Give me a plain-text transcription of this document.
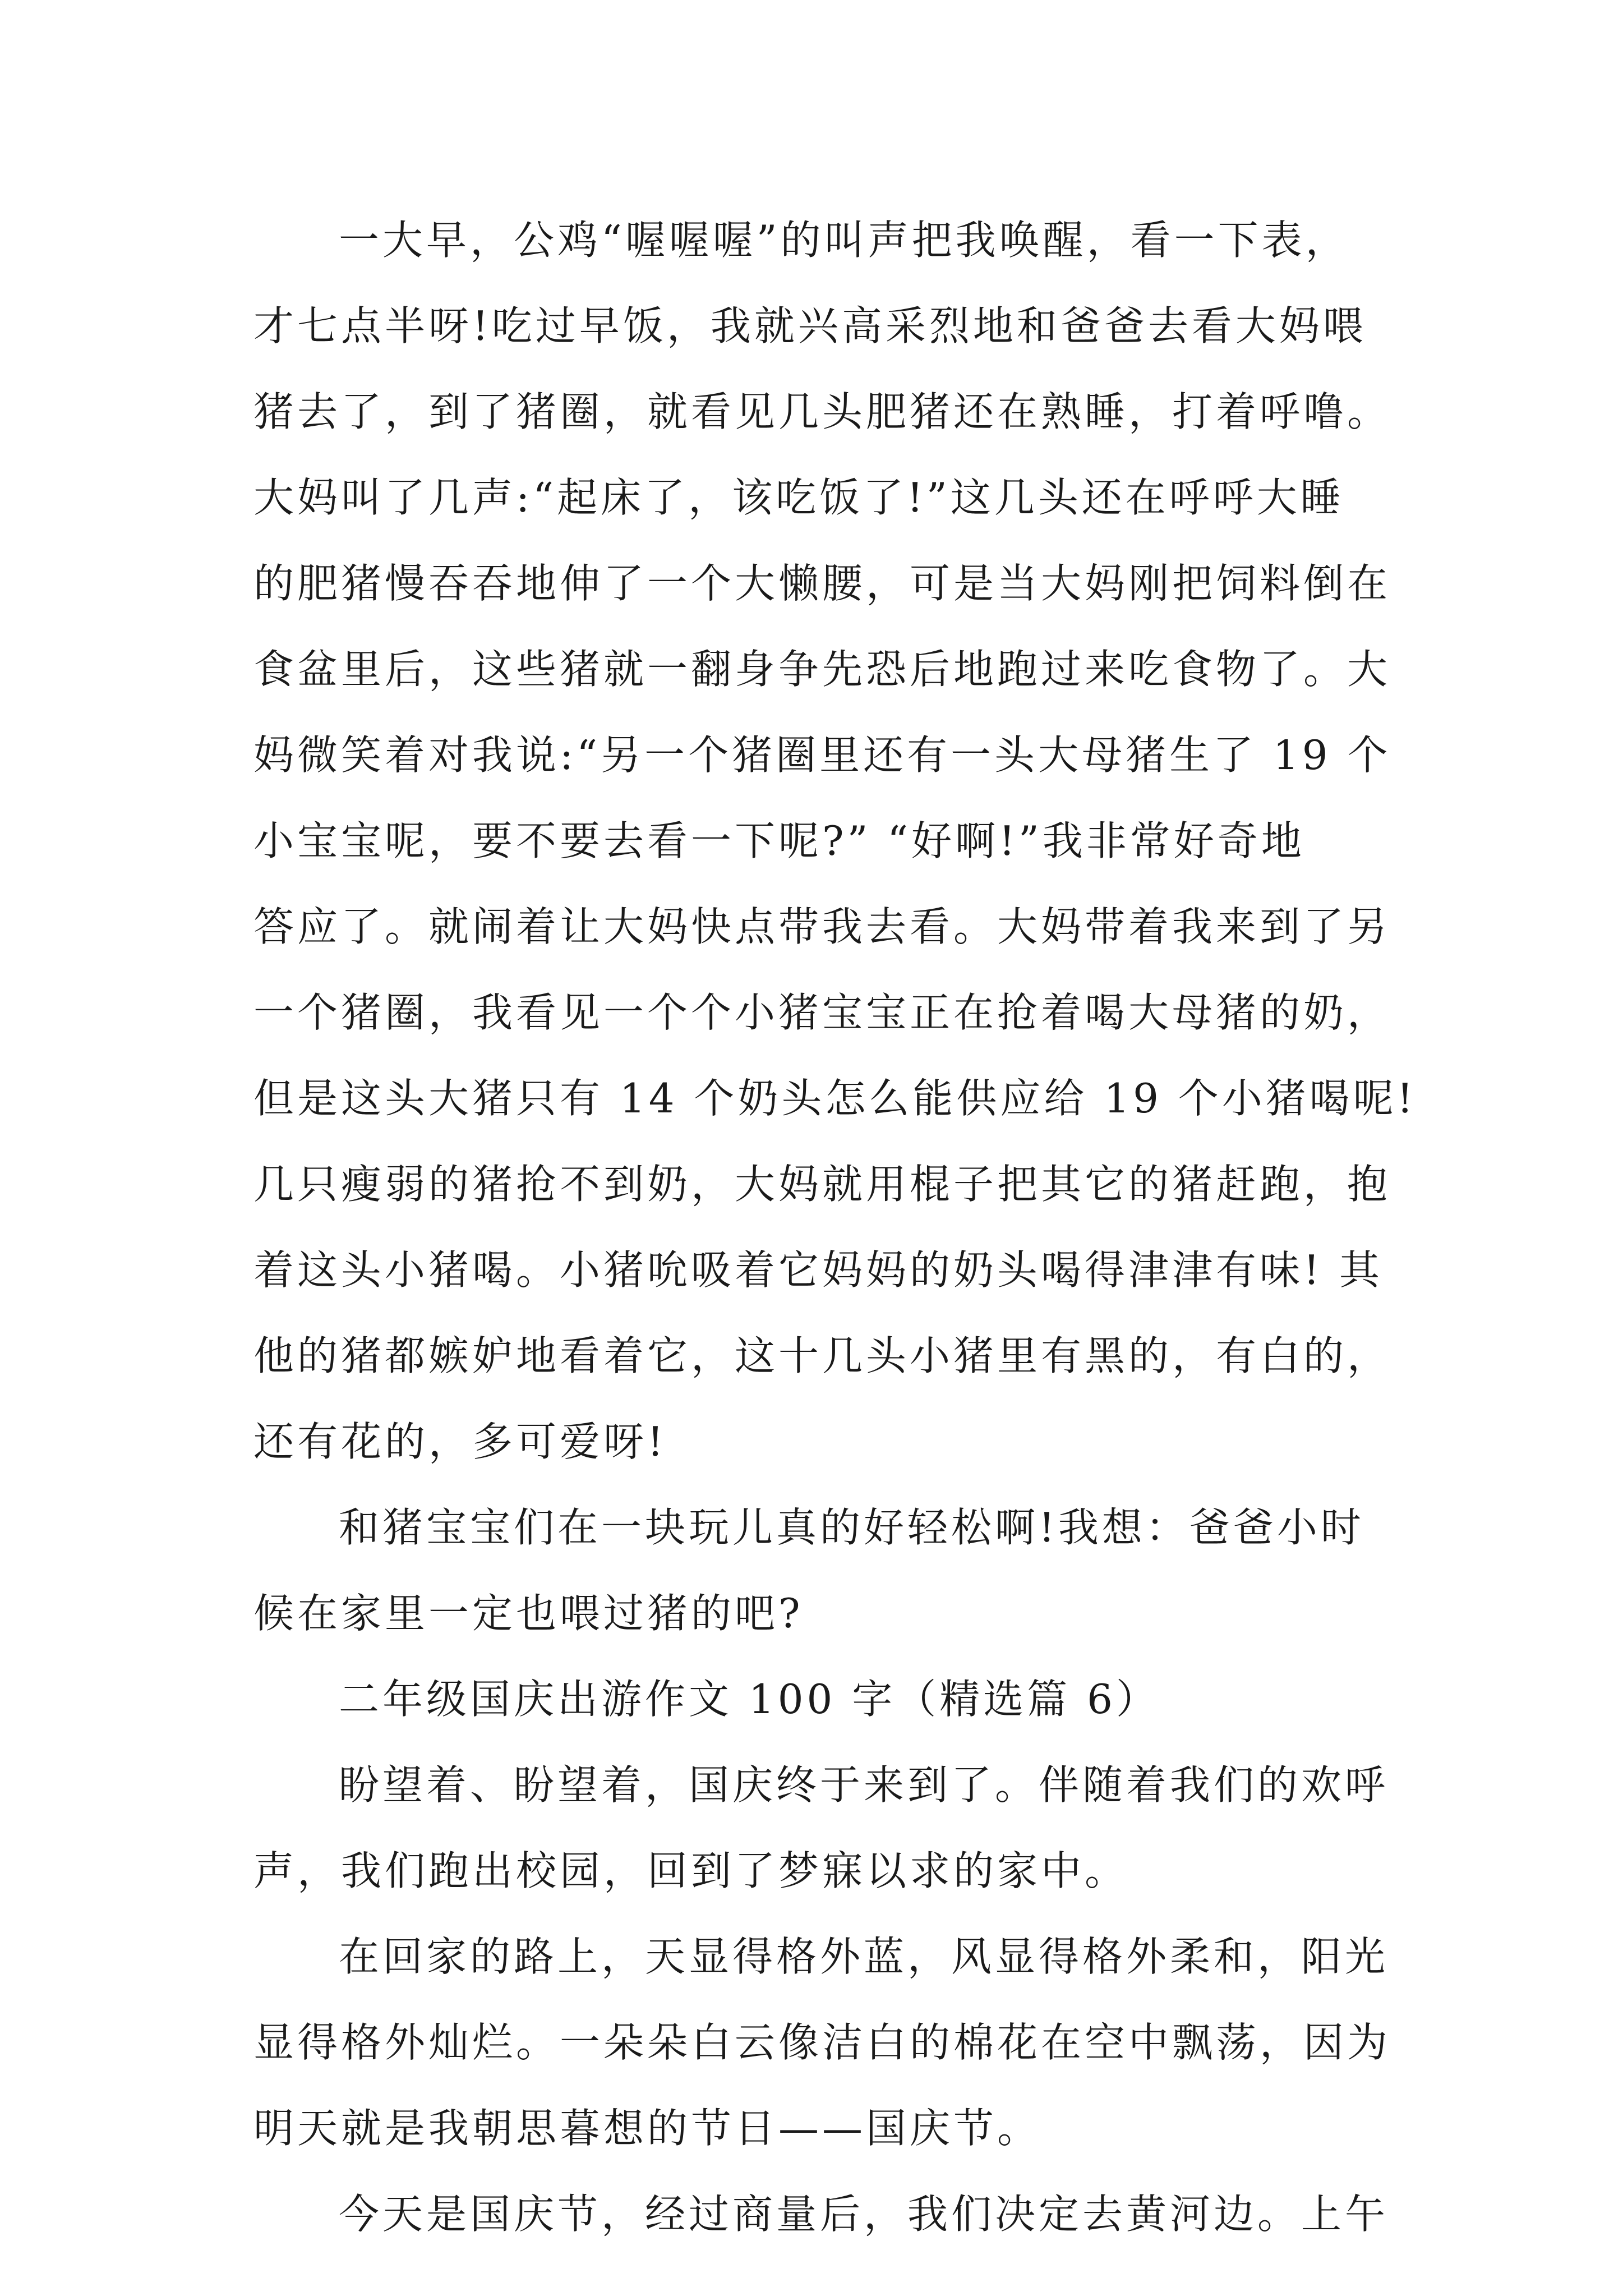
一大早，公鸡“喔喔喔”的叫声把我唤醒，看一下表，
才七点半呀!吃过早饭，我就兴高采烈地和爸爸去看大妈喂
猪去了，到了猪圈，就看见几头肥猪还在熟睡，打着呼噜。
大妈叫了几声:“起床了，该吃饭了!”这几头还在呼呼大睡
的肥猪慢吞吞地伸了一个大懒腰，可是当大妈刚把饲料倒在
食盆里后，这些猪就一翻身争先恐后地跑过来吃食物了。大
妈微笑着对我说:“另一个猪圈里还有一头大母猪生了 19 个
小宝宝呢，要不要去看一下呢?” “好啊!”我非常好奇地
答应了。就闹着让大妈快点带我去看。大妈带着我来到了另
一个猪圈，我看见一个个小猪宝宝正在抢着喝大母猪的奶，
但是这头大猪只有 14 个奶头怎么能供应给 19 个小猪喝呢!
几只瘦弱的猪抢不到奶，大妈就用棍子把其它的猪赶跑，抱
着这头小猪喝。小猪吮吸着它妈妈的奶头喝得津津有味! 其
他的猪都嫉妒地看着它，这十几头小猪里有黑的，有白的，
还有花的，多可爱呀!
和猪宝宝们在一块玩儿真的好轻松啊!我想：爸爸小时
候在家里一定也喂过猪的吧?
二年级国庆出游作文 100 字（精选篇 6）
盼望着、盼望着，国庆终于来到了。伴随着我们的欢呼
声，我们跑出校园，回到了梦寐以求的家中。
在回家的路上，天显得格外蓝，风显得格外柔和，阳光
显得格外灿烂。一朵朵白云像洁白的棉花在空中飘荡，因为
明天就是我朝思暮想的节日——国庆节。
今天是国庆节，经过商量后，我们决定去黄河边。上午
